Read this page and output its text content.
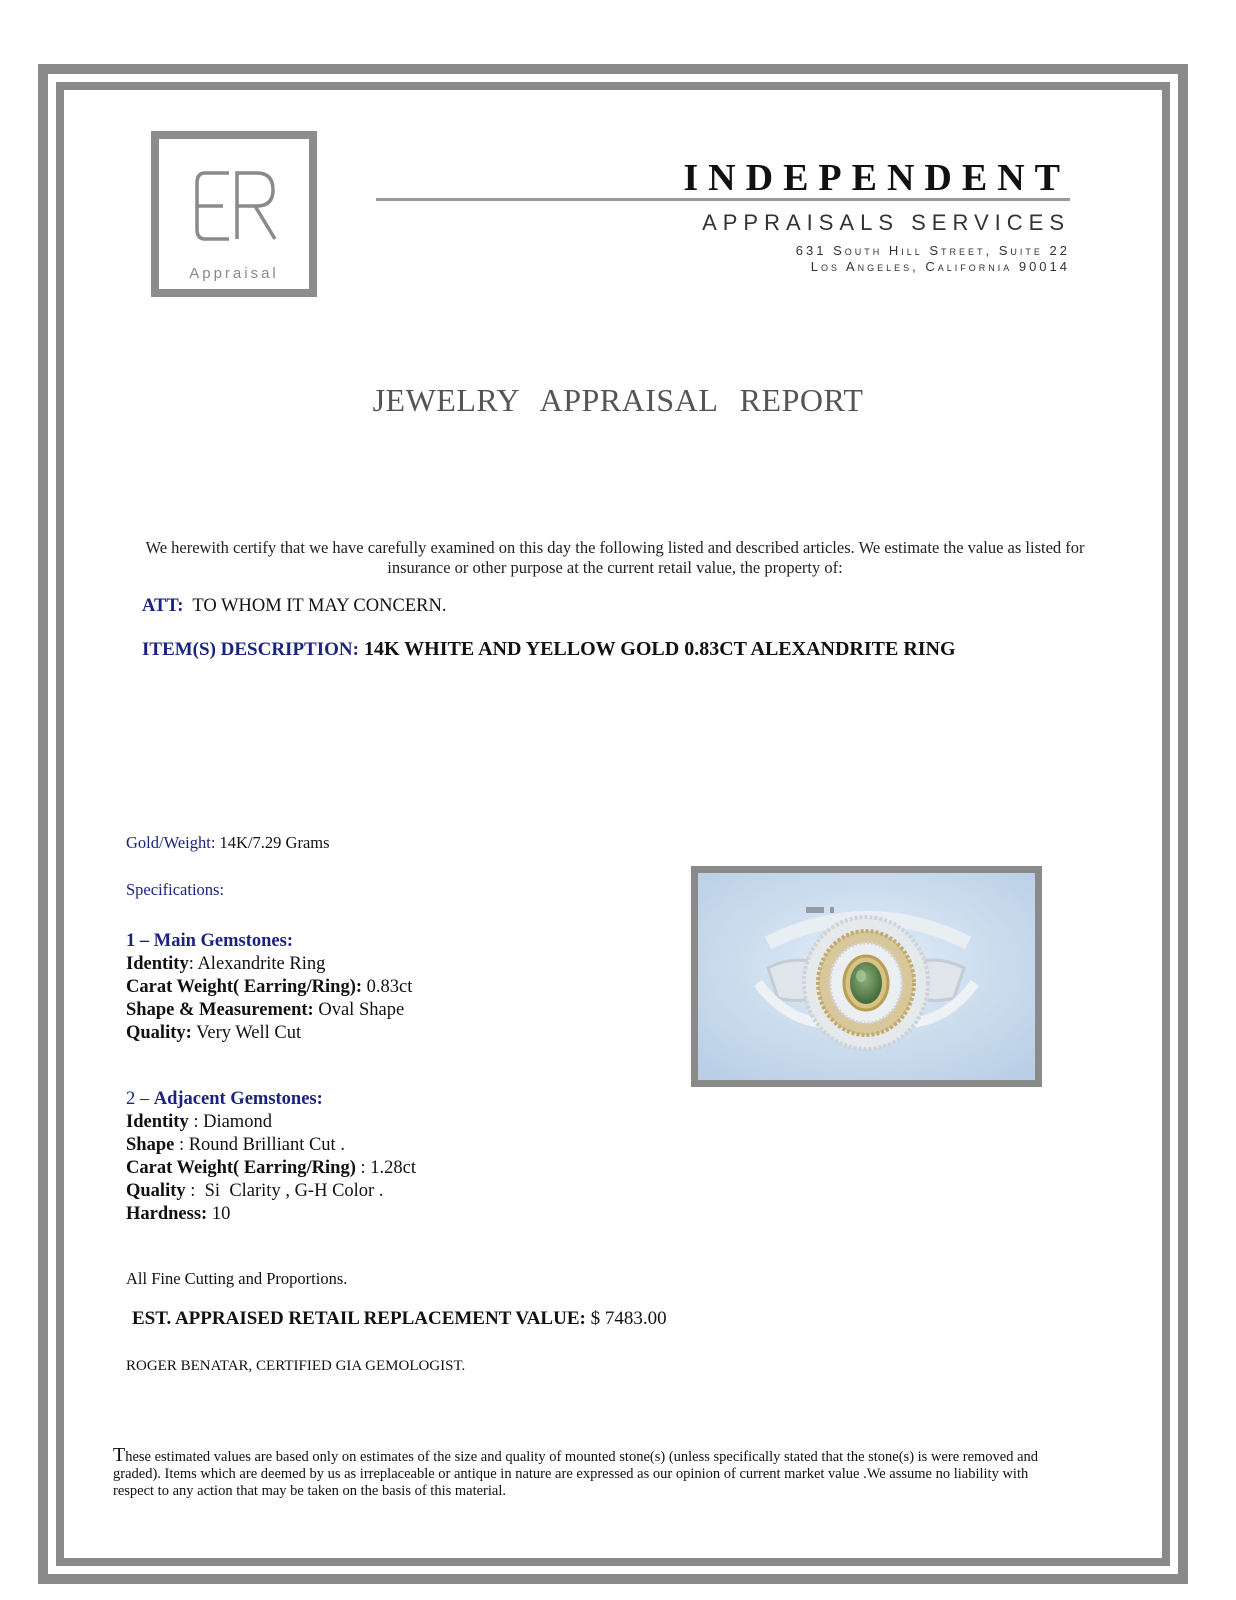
Appraisal
INDEPENDENT
APPRAISALS SERVICES
631 South Hill Street, Suite 22
Los Angeles, California 90014
JEWELRY APPRAISAL REPORT
We herewith certify that we have carefully examined on this day the following listed and described articles. We estimate the value as listed for insurance or other purpose at the current retail value, the property of:
ATT: TO WHOM IT MAY CONCERN.
ITEM(S) DESCRIPTION: 14K WHITE AND YELLOW GOLD 0.83CT ALEXANDRITE RING
Gold/Weight: 14K/7.29 Grams
Specifications:
1 – Main Gemstones:
Identity: Alexandrite Ring
Carat Weight( Earring/Ring): 0.83ct
Shape & Measurement: Oval Shape
Quality: Very Well Cut
2 – Adjacent Gemstones:
Identity : Diamond
Shape : Round Brilliant Cut .
Carat Weight( Earring/Ring) : 1.28ct
Quality :  Si  Clarity , G-H Color .
Hardness: 10
All Fine Cutting and Proportions.
EST. APPRAISED RETAIL REPLACEMENT VALUE: $ 7483.00
ROGER BENATAR, CERTIFIED GIA GEMOLOGIST.
These estimated values are based only on estimates of the size and quality of mounted stone(s) (unless specifically stated that the stone(s) is were removed and graded). Items which are deemed by us as irreplaceable or antique in nature are expressed as our opinion of current market value .We assume no liability with respect to any action that may be taken on the basis of this material.
